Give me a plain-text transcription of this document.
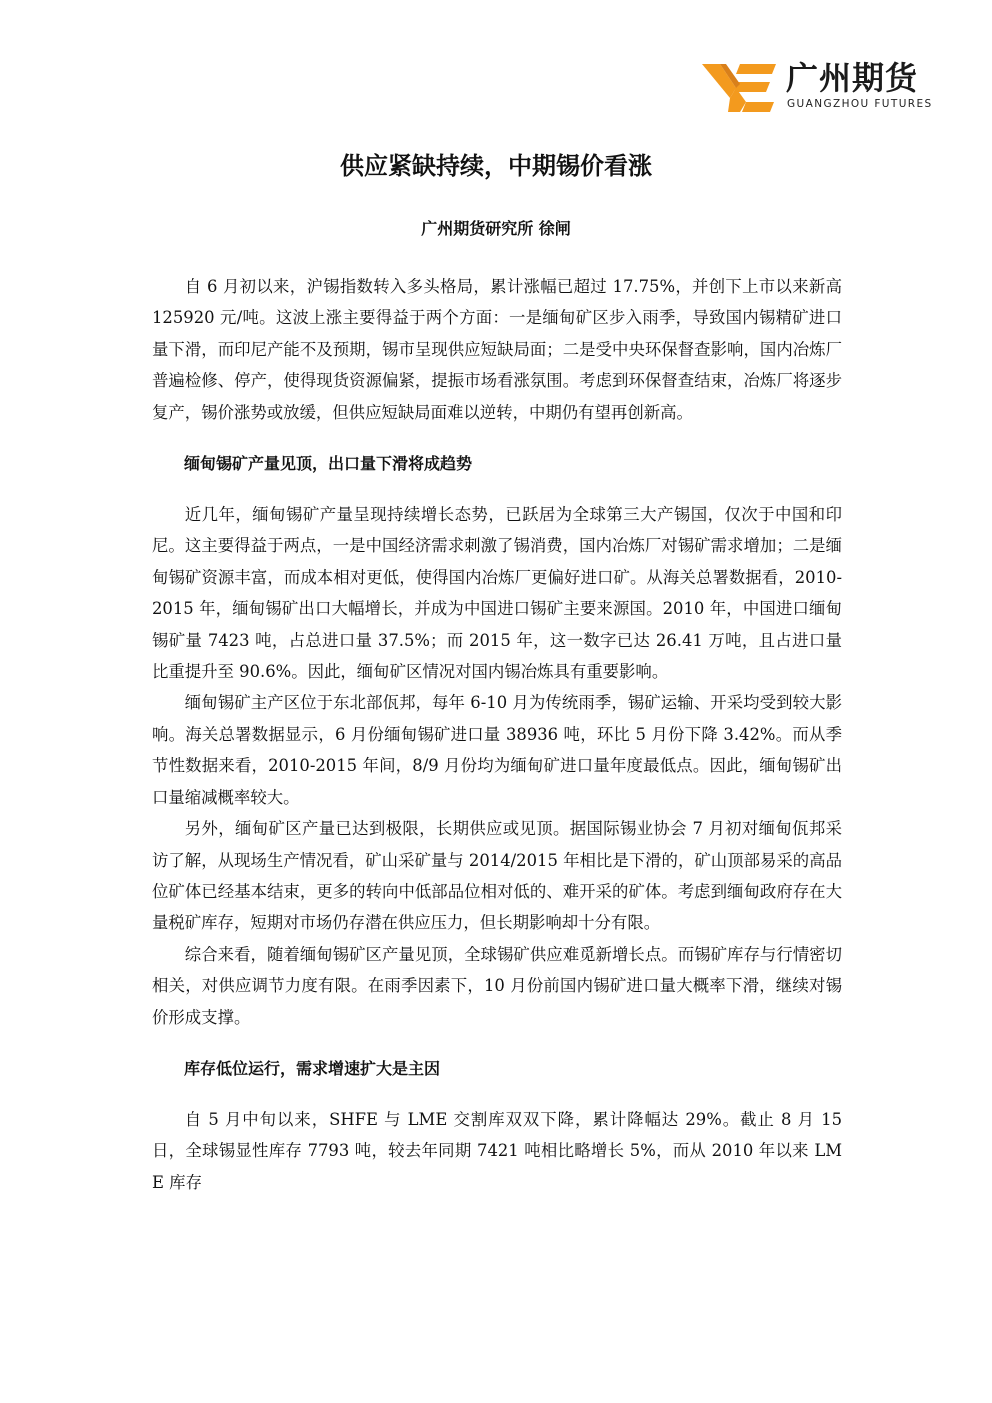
广州期货
GUANGZHOU FUTURES
供应紧缺持续，中期锡价看涨
广州期货研究所 徐闸

自 6 月初以来，沪锡指数转入多头格局，累计涨幅已超过 17.75%，并创下上市以来新高 125920 元/吨。这波上涨主要得益于两个方面：一是缅甸矿区步入雨季，导致国内锡精矿进口量下滑，而印尼产能不及预期，锡市呈现供应短缺局面；二是受中央环保督查影响，国内冶炼厂普遍检修、停产，使得现货资源偏紧，提振市场看涨氛围。考虑到环保督查结束，冶炼厂将逐步复产，锡价涨势或放缓，但供应短缺局面难以逆转，中期仍有望再创新高。

缅甸锡矿产量见顶，出口量下滑将成趋势

近几年，缅甸锡矿产量呈现持续增长态势，已跃居为全球第三大产锡国，仅次于中国和印尼。这主要得益于两点，一是中国经济需求刺激了锡消费，国内冶炼厂对锡矿需求增加；二是缅甸锡矿资源丰富，而成本相对更低，使得国内冶炼厂更偏好进口矿。从海关总署数据看，2010-2015 年，缅甸锡矿出口大幅增长，并成为中国进口锡矿主要来源国。2010 年，中国进口缅甸锡矿量 7423 吨，占总进口量 37.5%；而 2015 年，这一数字已达 26.41 万吨，且占进口量比重提升至 90.6%。因此，缅甸矿区情况对国内锡冶炼具有重要影响。

缅甸锡矿主产区位于东北部佤邦，每年 6-10 月为传统雨季，锡矿运输、开采均受到较大影响。海关总署数据显示，6 月份缅甸锡矿进口量 38936 吨，环比 5 月份下降 3.42%。而从季节性数据来看，2010-2015 年间，8/9 月份均为缅甸矿进口量年度最低点。因此，缅甸锡矿出口量缩减概率较大。

另外，缅甸矿区产量已达到极限，长期供应或见顶。据国际锡业协会 7 月初对缅甸佤邦采访了解，从现场生产情况看，矿山采矿量与 2014/2015 年相比是下滑的，矿山顶部易采的高品位矿体已经基本结束，更多的转向中低部品位相对低的、难开采的矿体。考虑到缅甸政府存在大量税矿库存，短期对市场仍存潜在供应压力，但长期影响却十分有限。

综合来看，随着缅甸锡矿区产量见顶，全球锡矿供应难觅新增长点。而锡矿库存与行情密切相关，对供应调节力度有限。在雨季因素下，10 月份前国内锡矿进口量大概率下滑，继续对锡价形成支撑。

库存低位运行，需求增速扩大是主因

自 5 月中旬以来，SHFE 与 LME 交割库双双下降，累计降幅达 29%。截止 8 月 15 日，全球锡显性库存 7793 吨，较去年同期 7421 吨相比略增长 5%，而从 2010 年以来 LME 库存
